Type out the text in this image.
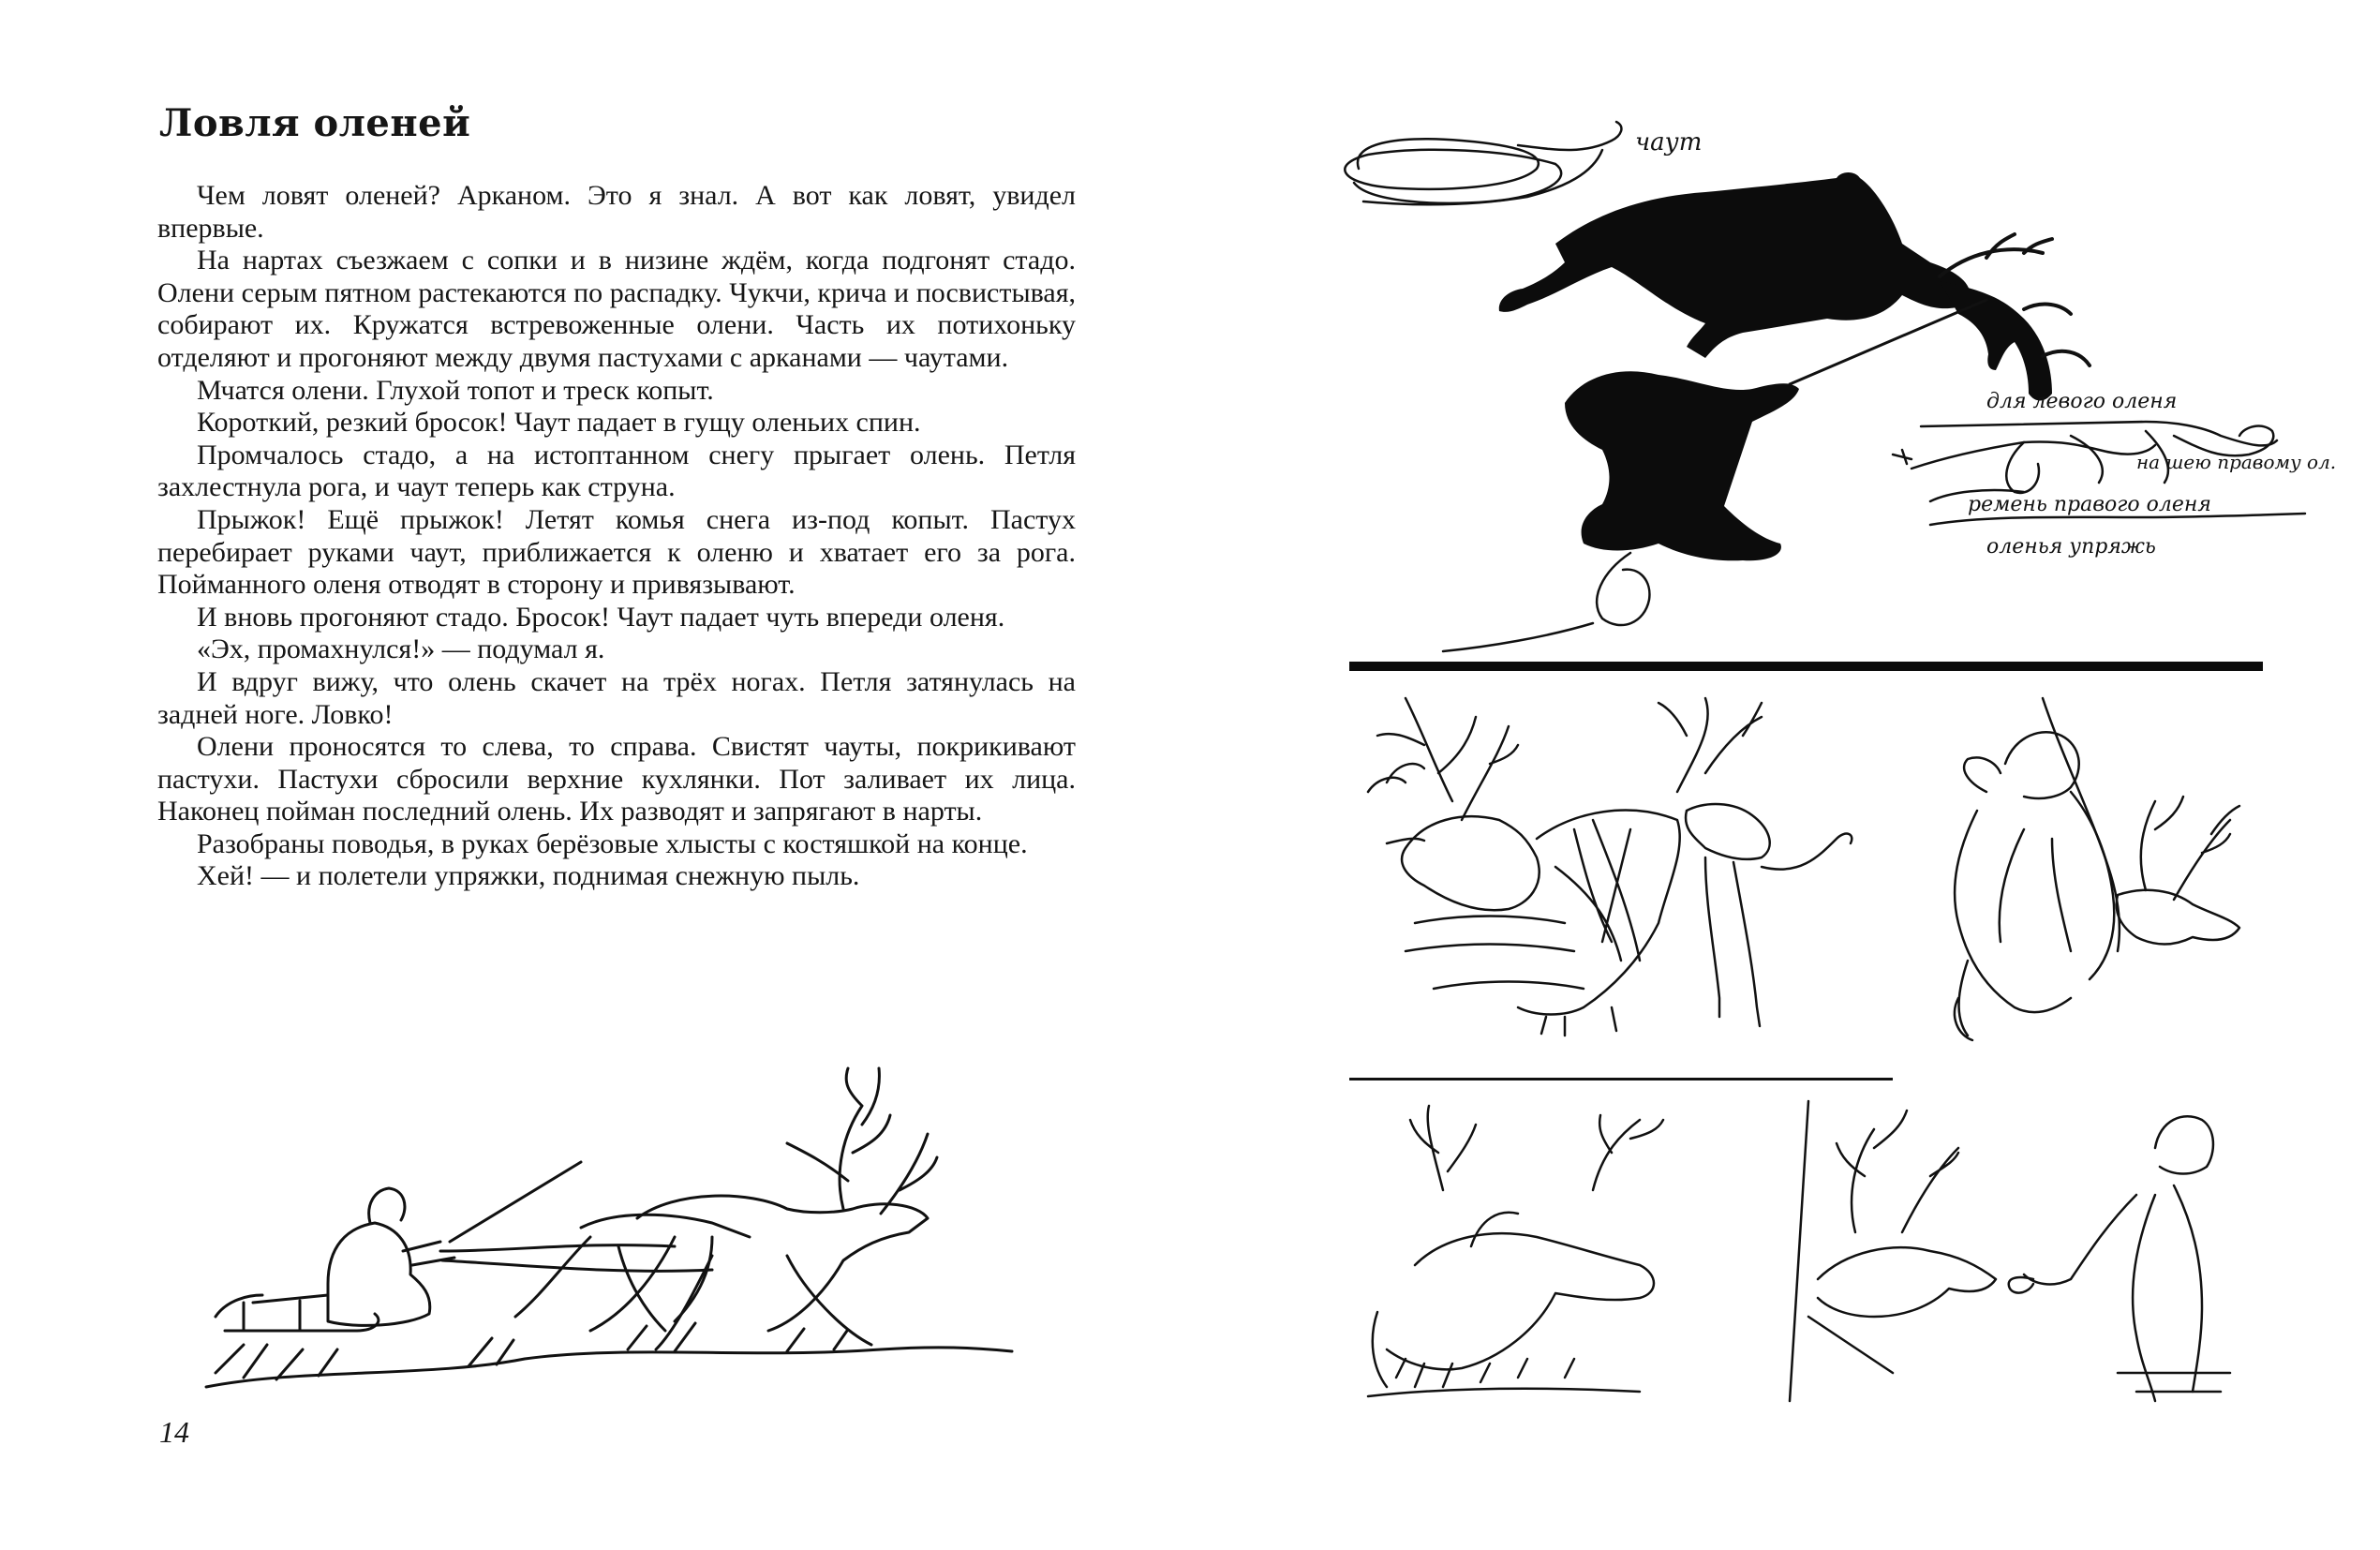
Ловля оленей

Чем ловят оленей? Арканом. Это я знал. А вот как ловят, увидел впервые.

На нартах съезжаем с сопки и в низине ждём, когда подгонят стадо. Олени серым пятном растекаются по распадку. Чукчи, крича и посвистывая, собирают их. Кружатся встревоженные олени. Часть их потихоньку отделяют и прогоняют между двумя пастухами с арканами — чаутами.

Мчатся олени. Глухой топот и треск копыт.

Короткий, резкий бросок! Чаут падает в гущу оленьих спин.

Промчалось стадо, а на истоптанном снегу прыгает олень. Петля захлестнула рога, и чаут теперь как струна.

Прыжок! Ещё прыжок! Летят комья снега из-под копыт. Пастух перебирает руками чаут, приближается к оленю и хватает его за рога. Пойманного оленя отводят в сторону и привязывают.

И вновь прогоняют стадо. Бросок! Чаут падает чуть впереди оленя.

«Эх, промахнулся!» — подумал я.

И вдруг вижу, что олень скачет на трёх ногах. Петля затянулась на задней ноге. Ловко!

Олени проносятся то слева, то справа. Свистят чауты, покрикивают пастухи. Пастухи сбросили верхние кухлянки. Пот заливает их лица. Наконец пойман последний олень. Их разводят и запрягают в нарты.

Разобраны поводья, в руках берёзовые хлысты с костяшкой на конце.

Хей! — и полетели упряжки, поднимая снежную пыль.

14
чаут
для левого оленя
на шею правому ол.
ремень правого оленя
оленья упряжь
